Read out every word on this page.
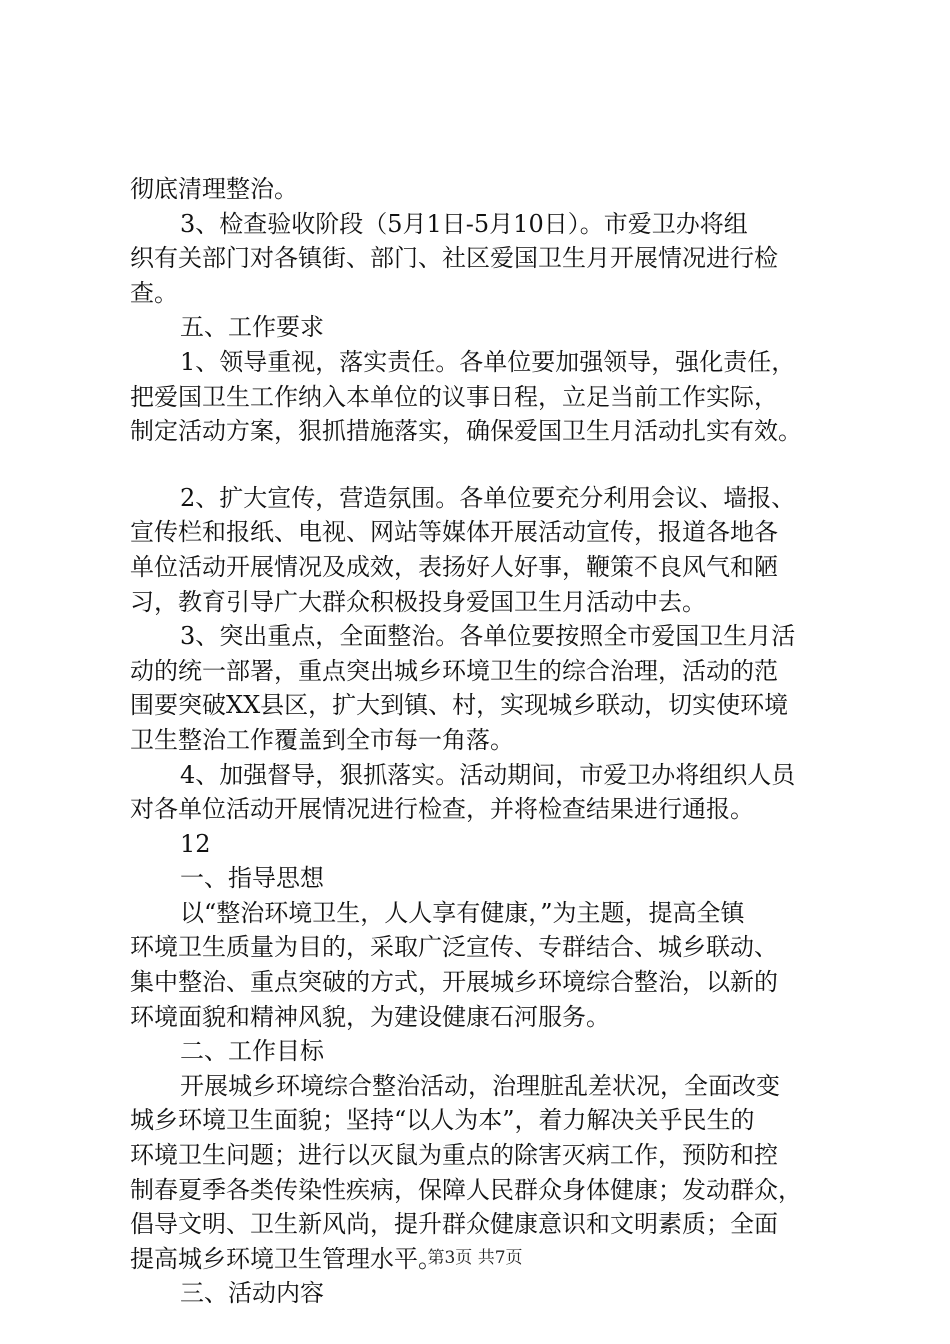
彻底清理整治。
3、检查验收阶段（5月1日-5月10日）。市爱卫办将组
织有关部门对各镇街、部门、社区爱国卫生月开展情况进行检
查。
五、工作要求
1、领导重视，落实责任。各单位要加强领导，强化责任，
把爱国卫生工作纳入本单位的议事日程，立足当前工作实际，
制定活动方案，狠抓措施落实，确保爱国卫生月活动扎实有效。
2、扩大宣传，营造氛围。各单位要充分利用会议、墙报、
宣传栏和报纸、电视、网站等媒体开展活动宣传，报道各地各
单位活动开展情况及成效，表扬好人好事，鞭策不良风气和陋
习，教育引导广大群众积极投身爱国卫生月活动中去。
3、突出重点，全面整治。各单位要按照全市爱国卫生月活
动的统一部署，重点突出城乡环境卫生的综合治理，活动的范
围要突破XX县区，扩大到镇、村，实现城乡联动，切实使环境
卫生整治工作覆盖到全市每一角落。
4、加强督导，狠抓落实。活动期间，市爱卫办将组织人员
对各单位活动开展情况进行检查，并将检查结果进行通报。
12
一、指导思想
以“整治环境卫生，人人享有健康，”为主题，提高全镇
环境卫生质量为目的，采取广泛宣传、专群结合、城乡联动、
集中整治、重点突破的方式，开展城乡环境综合整治，以新的
环境面貌和精神风貌，为建设健康石河服务。
二、工作目标
开展城乡环境综合整治活动，治理脏乱差状况，全面改变
城乡环境卫生面貌；坚持“以人为本”，着力解决关乎民生的
环境卫生问题；进行以灭鼠为重点的除害灭病工作，预防和控
制春夏季各类传染性疾病，保障人民群众身体健康；发动群众，
倡导文明、卫生新风尚，提升群众健康意识和文明素质；全面
提高城乡环境卫生管理水平。
三、活动内容
第3页 共7页
